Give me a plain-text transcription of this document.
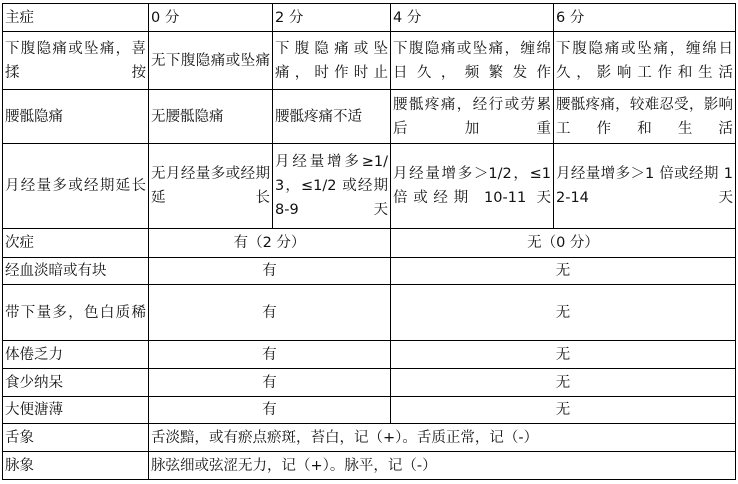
主症	0 分	2 分	4 分	6 分
下腹隐痛或坠痛，喜揉按	无下腹隐痛或坠痛	下腹隐痛或坠痛，时作时止	下腹隐痛或坠痛，缠绵日久，频繁发作	下腹隐痛或坠痛，缠绵日久，影响工作和生活
腰骶隐痛	无腰骶隐痛	腰骶疼痛不适	腰骶疼痛，经行或劳累后加重	腰骶疼痛，较难忍受，影响工作和生活
月经量多或经期延长	无月经量多或经期延长	月经量增多≥1/3，≤1/2 或经期 8-9 天	月经量增多＞1/2，≤1 倍或经期 10-11 天	月经量增多＞1 倍或经期 12-14 天
次症	有（2 分）		无（0 分）	
经血淡暗或有块	有		无	
带下量多，色白质稀	有		无	
体倦乏力	有		无	
食少纳呆	有		无	
大便溏薄	有		无	
舌象	舌淡黯，或有瘀点瘀斑，苔白，记（+）。舌质正常，记（-）			
脉象	脉弦细或弦涩无力，记（+）。脉平，记（-）			
